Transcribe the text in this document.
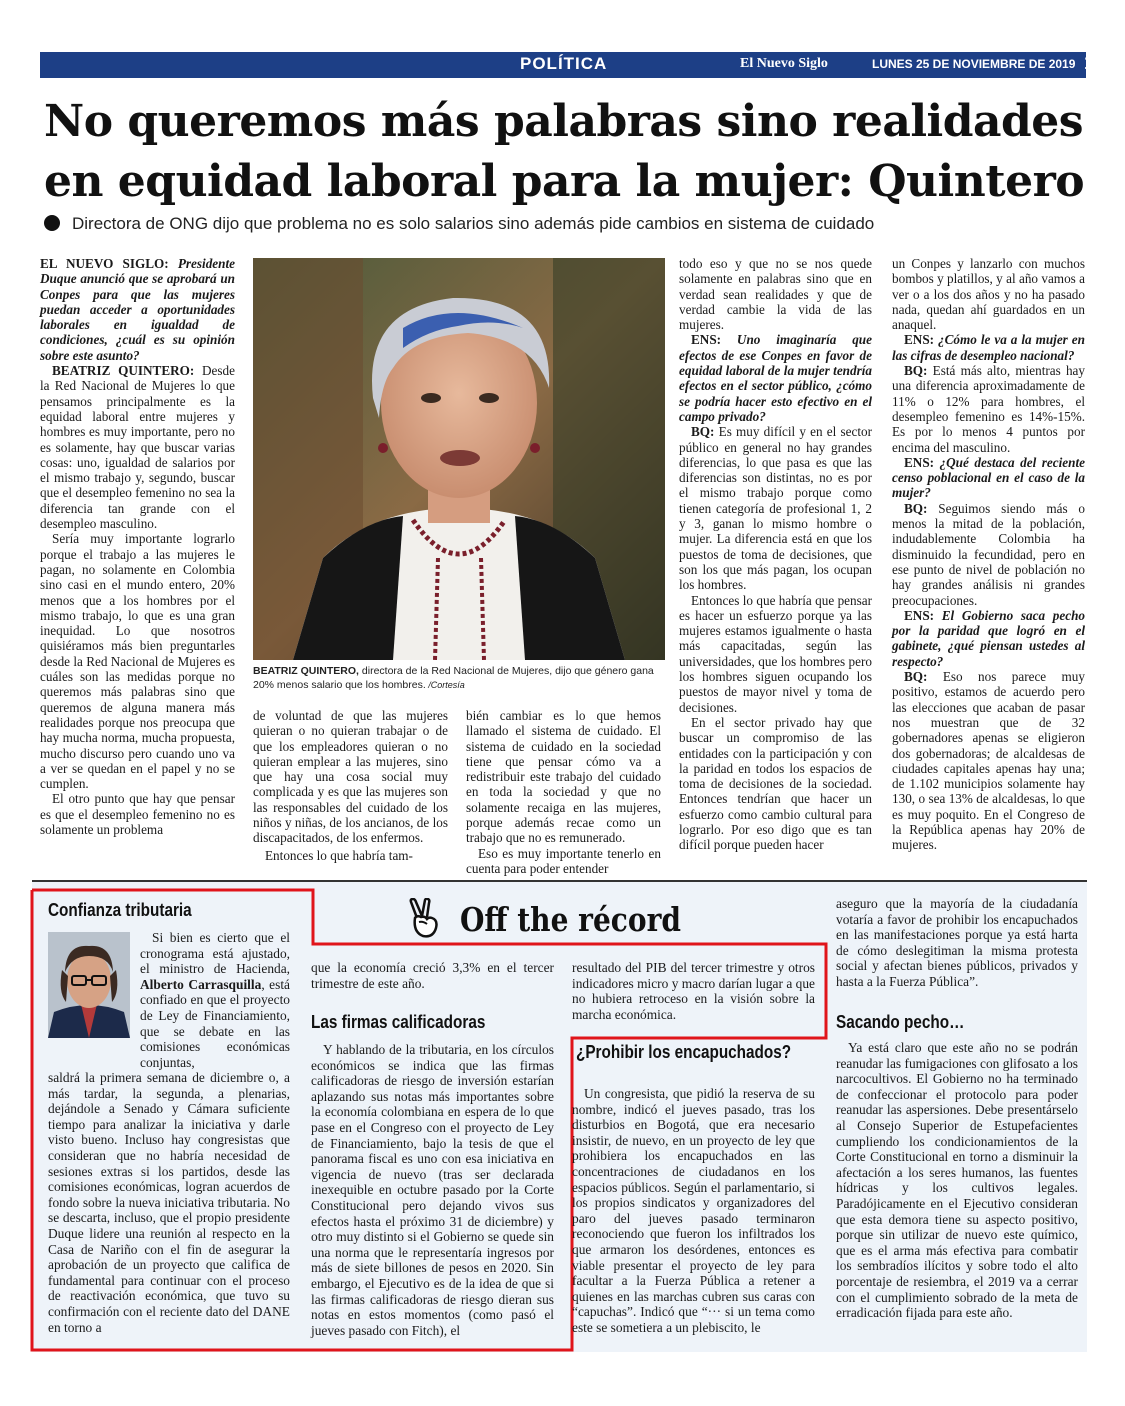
POLÍTICA	El Nuevo Siglo	LUNES 25 DE NOVIEMBRE DE 2019 13A
No queremos más palabras sino realidades
en equidad laboral para la mujer: Quintero
Directora de ONG dijo que problema no es solo salarios sino además pide cambios en sistema de cuidado

EL NUEVO SIGLO: Presidente Duque anunció que se aprobará un Conpes para que las mujeres puedan acceder a oportunidades laborales en igualdad de condiciones, ¿cuál es su opinión sobre este asunto?

BEATRIZ QUINTERO: Desde la Red Nacional de Mujeres lo que pensamos principalmente es la equidad laboral entre mujeres y hombres es muy importante, pero no es solamente, hay que buscar varias cosas: uno, igualdad de salarios por el mismo trabajo y, segundo, buscar que el desempleo femenino no sea la diferencia tan grande con el desempleo masculino.

Sería muy importante lograrlo porque el trabajo a las mujeres le pagan, no solamente en Colombia sino casi en el mundo entero, 20% menos que a los hombres por el mismo trabajo, lo que es una gran inequidad. Lo que nosotros quisiéramos más bien preguntarles desde la Red Nacional de Mujeres es cuáles son las medidas porque no queremos más palabras sino que queremos de alguna manera más realidades porque nos preocupa que hay mucha norma, mucha propuesta, mucho discurso pero cuando uno va a ver se quedan en el papel y no se cumplen.

El otro punto que hay que pensar es que el desempleo femenino no es solamente un problema

BEATRIZ QUINTERO, directora de la Red Nacional de Mujeres, dijo que género gana 20% menos salario que los hombres. /Cortesía

de voluntad de que las mujeres quieran o no quieran trabajar o de que los empleadores quieran o no quieran emplear a las mujeres, sino que hay una cosa social muy complicada y es que las mujeres son las responsables del cuidado de los niños y niñas, de los ancianos, de los discapacitados, de los enfermos.

Entonces lo que habría tam-

bién cambiar es lo que hemos llamado el sistema de cuidado. El sistema de cuidado en la sociedad tiene que pensar cómo va a redistribuir este trabajo del cuidado en toda la sociedad y que no solamente recaiga en las mujeres, porque además recae como un trabajo que no es remunerado.

Eso es muy importante tenerlo en cuenta para poder entender

todo eso y que no se nos quede solamente en palabras sino que en verdad sean realidades y que de verdad cambie la vida de las mujeres.

ENS: Uno imaginaría que efectos de ese Conpes en favor de equidad laboral de la mujer tendría efectos en el sector público, ¿cómo se podría hacer esto efectivo en el campo privado?

BQ: Es muy difícil y en el sector público en general no hay grandes diferencias, lo que pasa es que las diferencias son distintas, no es por el mismo trabajo porque como tienen categoría de profesional 1, 2 y 3, ganan lo mismo hombre o mujer. La diferencia está en que los puestos de toma de decisiones, que son los que más pagan, los ocupan los hombres.

Entonces lo que habría que pensar es hacer un esfuerzo porque ya las mujeres estamos igualmente o hasta más capacitadas, según las universidades, que los hombres pero los hombres siguen ocupando los puestos de mayor nivel y toma de decisiones.

En el sector privado hay que buscar un compromiso de las entidades con la participación y con la paridad en todos los espacios de toma de decisiones de la sociedad. Entonces tendrían que hacer un esfuerzo como cambio cultural para lograrlo. Por eso digo que es tan difícil porque pueden hacer

un Conpes y lanzarlo con muchos bombos y platillos, y al año vamos a ver o a los dos años y no ha pasado nada, quedan ahí guardados en un anaquel.

ENS: ¿Cómo le va a la mujer en las cifras de desempleo nacional?

BQ: Está más alto, mientras hay una diferencia aproximadamente de 11% o 12% para hombres, el desempleo femenino es 14%-15%. Es por lo menos 4 puntos por encima del masculino.

ENS: ¿Qué destaca del reciente censo poblacional en el caso de la mujer?

BQ: Seguimos siendo más o menos la mitad de la población, indudablemente Colombia ha disminuido la fecundidad, pero en ese punto de nivel de población no hay grandes análisis ni grandes preocupaciones.

ENS: El Gobierno saca pecho por la paridad que logró en el gabinete, ¿qué piensan ustedes al respecto?

BQ: Eso nos parece muy positivo, estamos de acuerdo pero las elecciones que acaban de pasar nos muestran que de 32 gobernadores apenas se eligieron dos gobernadoras; de alcaldesas de ciudades capitales apenas hay una; de 1.102 municipios solamente hay 130, o sea 13% de alcaldesas, lo que es muy poquito. En el Congreso de la República apenas hay 20% de mujeres.

Off the récord
Confianza tributaria

Si bien es cierto que el cronograma está ajustado, el ministro de Hacienda, Alberto Carrasquilla, está confiado en que el proyecto de Ley de Financiamiento, que se debate en las comisiones económicas conjuntas,

saldrá la primera semana de diciembre o, a más tardar, la segunda, a plenarias, dejándole a Senado y Cámara suficiente tiempo para analizar la iniciativa y darle visto bueno. Incluso hay congresistas que consideran que no habría necesidad de sesiones extras si los partidos, desde las comisiones económicas, logran acuerdos de fondo sobre la nueva iniciativa tributaria. No se descarta, incluso, que el propio presidente Duque lidere una reunión al respecto en la Casa de Nariño con el fin de asegurar la aprobación de un proyecto que califica de fundamental para continuar con el proceso de reactivación económica, que tuvo su confirmación con el reciente dato del DANE en torno a

que la economía creció 3,3% en el tercer trimestre de este año.

Las firmas calificadoras

Y hablando de la tributaria, en los círculos económicos se indica que las firmas calificadoras de riesgo de inversión estarían aplazando sus notas más importantes sobre la economía colombiana en espera de lo que pase en el Congreso con el proyecto de Ley de Financiamiento, bajo la tesis de que el panorama fiscal es uno con esa iniciativa en vigencia de nuevo (tras ser declarada inexequible en octubre pasado por la Corte Constitucional pero dejando vivos sus efectos hasta el próximo 31 de diciembre) y otro muy distinto si el Gobierno se quede sin una norma que le representaría ingresos por más de siete billones de pesos en 2020. Sin embargo, el Ejecutivo es de la idea de que si las firmas calificadoras de riesgo dieran sus notas en estos momentos (como pasó el jueves pasado con Fitch), el

resultado del PIB del tercer trimestre y otros indicadores micro y macro darían lugar a que no hubiera retroceso en la visión sobre la marcha económica.

¿Prohibir los encapuchados?

Un congresista, que pidió la reserva de su nombre, indicó el jueves pasado, tras los disturbios en Bogotá, que era necesario insistir, de nuevo, en un proyecto de ley que prohibiera los encapuchados en las concentraciones de ciudadanos en los espacios públicos. Según el parlamentario, si los propios sindicatos y organizadores del paro del jueves pasado terminaron reconociendo que fueron los infiltrados los que armaron los desórdenes, entonces es viable presentar el proyecto de ley para facultar a la Fuerza Pública a retener a quienes en las marchas cubren sus caras con “capuchas”. Indicó que “··· si un tema como este se sometiera a un plebiscito, le

aseguro que la mayoría de la ciudadanía votaría a favor de prohibir los encapuchados en las manifestaciones porque ya está harta de cómo deslegitiman la misma protesta social y afectan bienes públicos, privados y hasta a la Fuerza Pública”.

Sacando pecho…

Ya está claro que este año no se podrán reanudar las fumigaciones con glifosato a los narcocultivos. El Gobierno no ha terminado de confeccionar el protocolo para poder reanudar las aspersiones. Debe presentárselo al Consejo Superior de Estupefacientes cumpliendo los condicionamientos de la Corte Constitucional en torno a disminuir la afectación a los seres humanos, las fuentes hídricas y los cultivos legales. Paradójicamente en el Ejecutivo consideran que esta demora tiene su aspecto positivo, porque sin utilizar de nuevo este químico, que es el arma más efectiva para combatir los sembradíos ilícitos y sobre todo el alto porcentaje de resiembra, el 2019 va a cerrar con el cumplimiento sobrado de la meta de erradicación fijada para este año.
